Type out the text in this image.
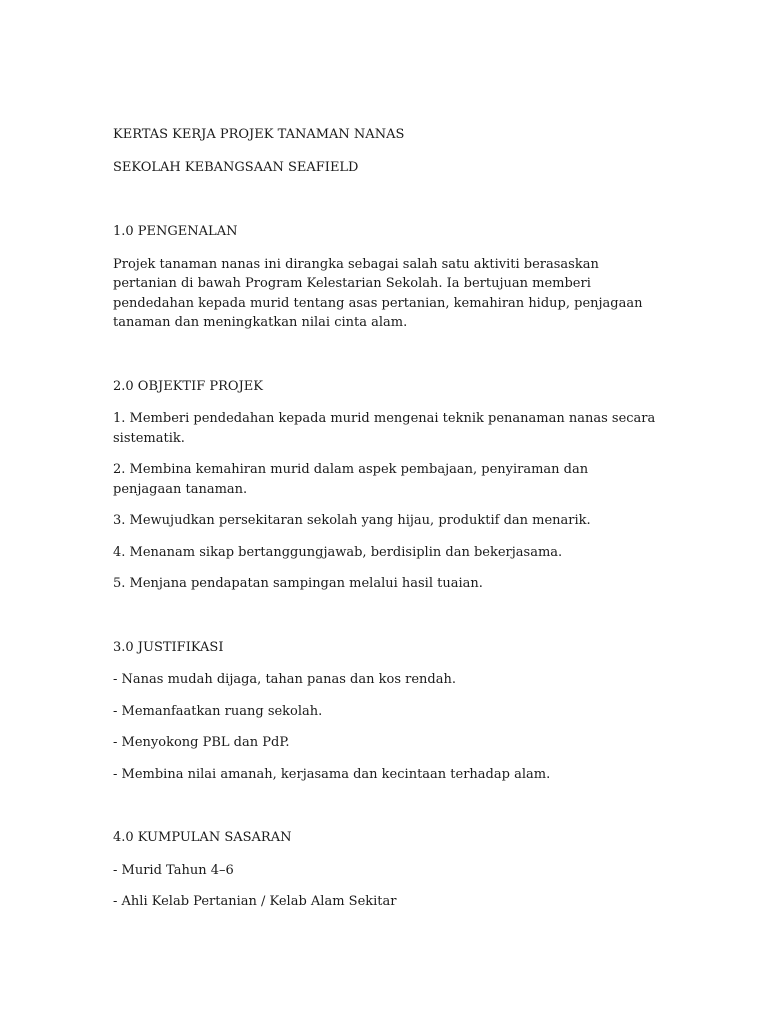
KERTAS KERJA PROJEK TANAMAN NANAS

SEKOLAH KEBANGSAAN SEAFIELD

1.0 PENGENALAN

Projek tanaman nanas ini dirangka sebagai salah satu aktiviti berasaskan pertanian di bawah Program Kelestarian Sekolah. Ia bertujuan memberi pendedahan kepada murid tentang asas pertanian, kemahiran hidup, penjagaan tanaman dan meningkatkan nilai cinta alam.

2.0 OBJEKTIF PROJEK

1. Memberi pendedahan kepada murid mengenai teknik penanaman nanas secara sistematik.

2. Membina kemahiran murid dalam aspek pembajaan, penyiraman dan penjagaan tanaman.

3. Mewujudkan persekitaran sekolah yang hijau, produktif dan menarik.

4. Menanam sikap bertanggungjawab, berdisiplin dan bekerjasama.

5. Menjana pendapatan sampingan melalui hasil tuaian.

3.0 JUSTIFIKASI

- Nanas mudah dijaga, tahan panas dan kos rendah.

- Memanfaatkan ruang sekolah.

- Menyokong PBL dan PdP.

- Membina nilai amanah, kerjasama dan kecintaan terhadap alam.

4.0 KUMPULAN SASARAN

- Murid Tahun 4–6

- Ahli Kelab Pertanian / Kelab Alam Sekitar
